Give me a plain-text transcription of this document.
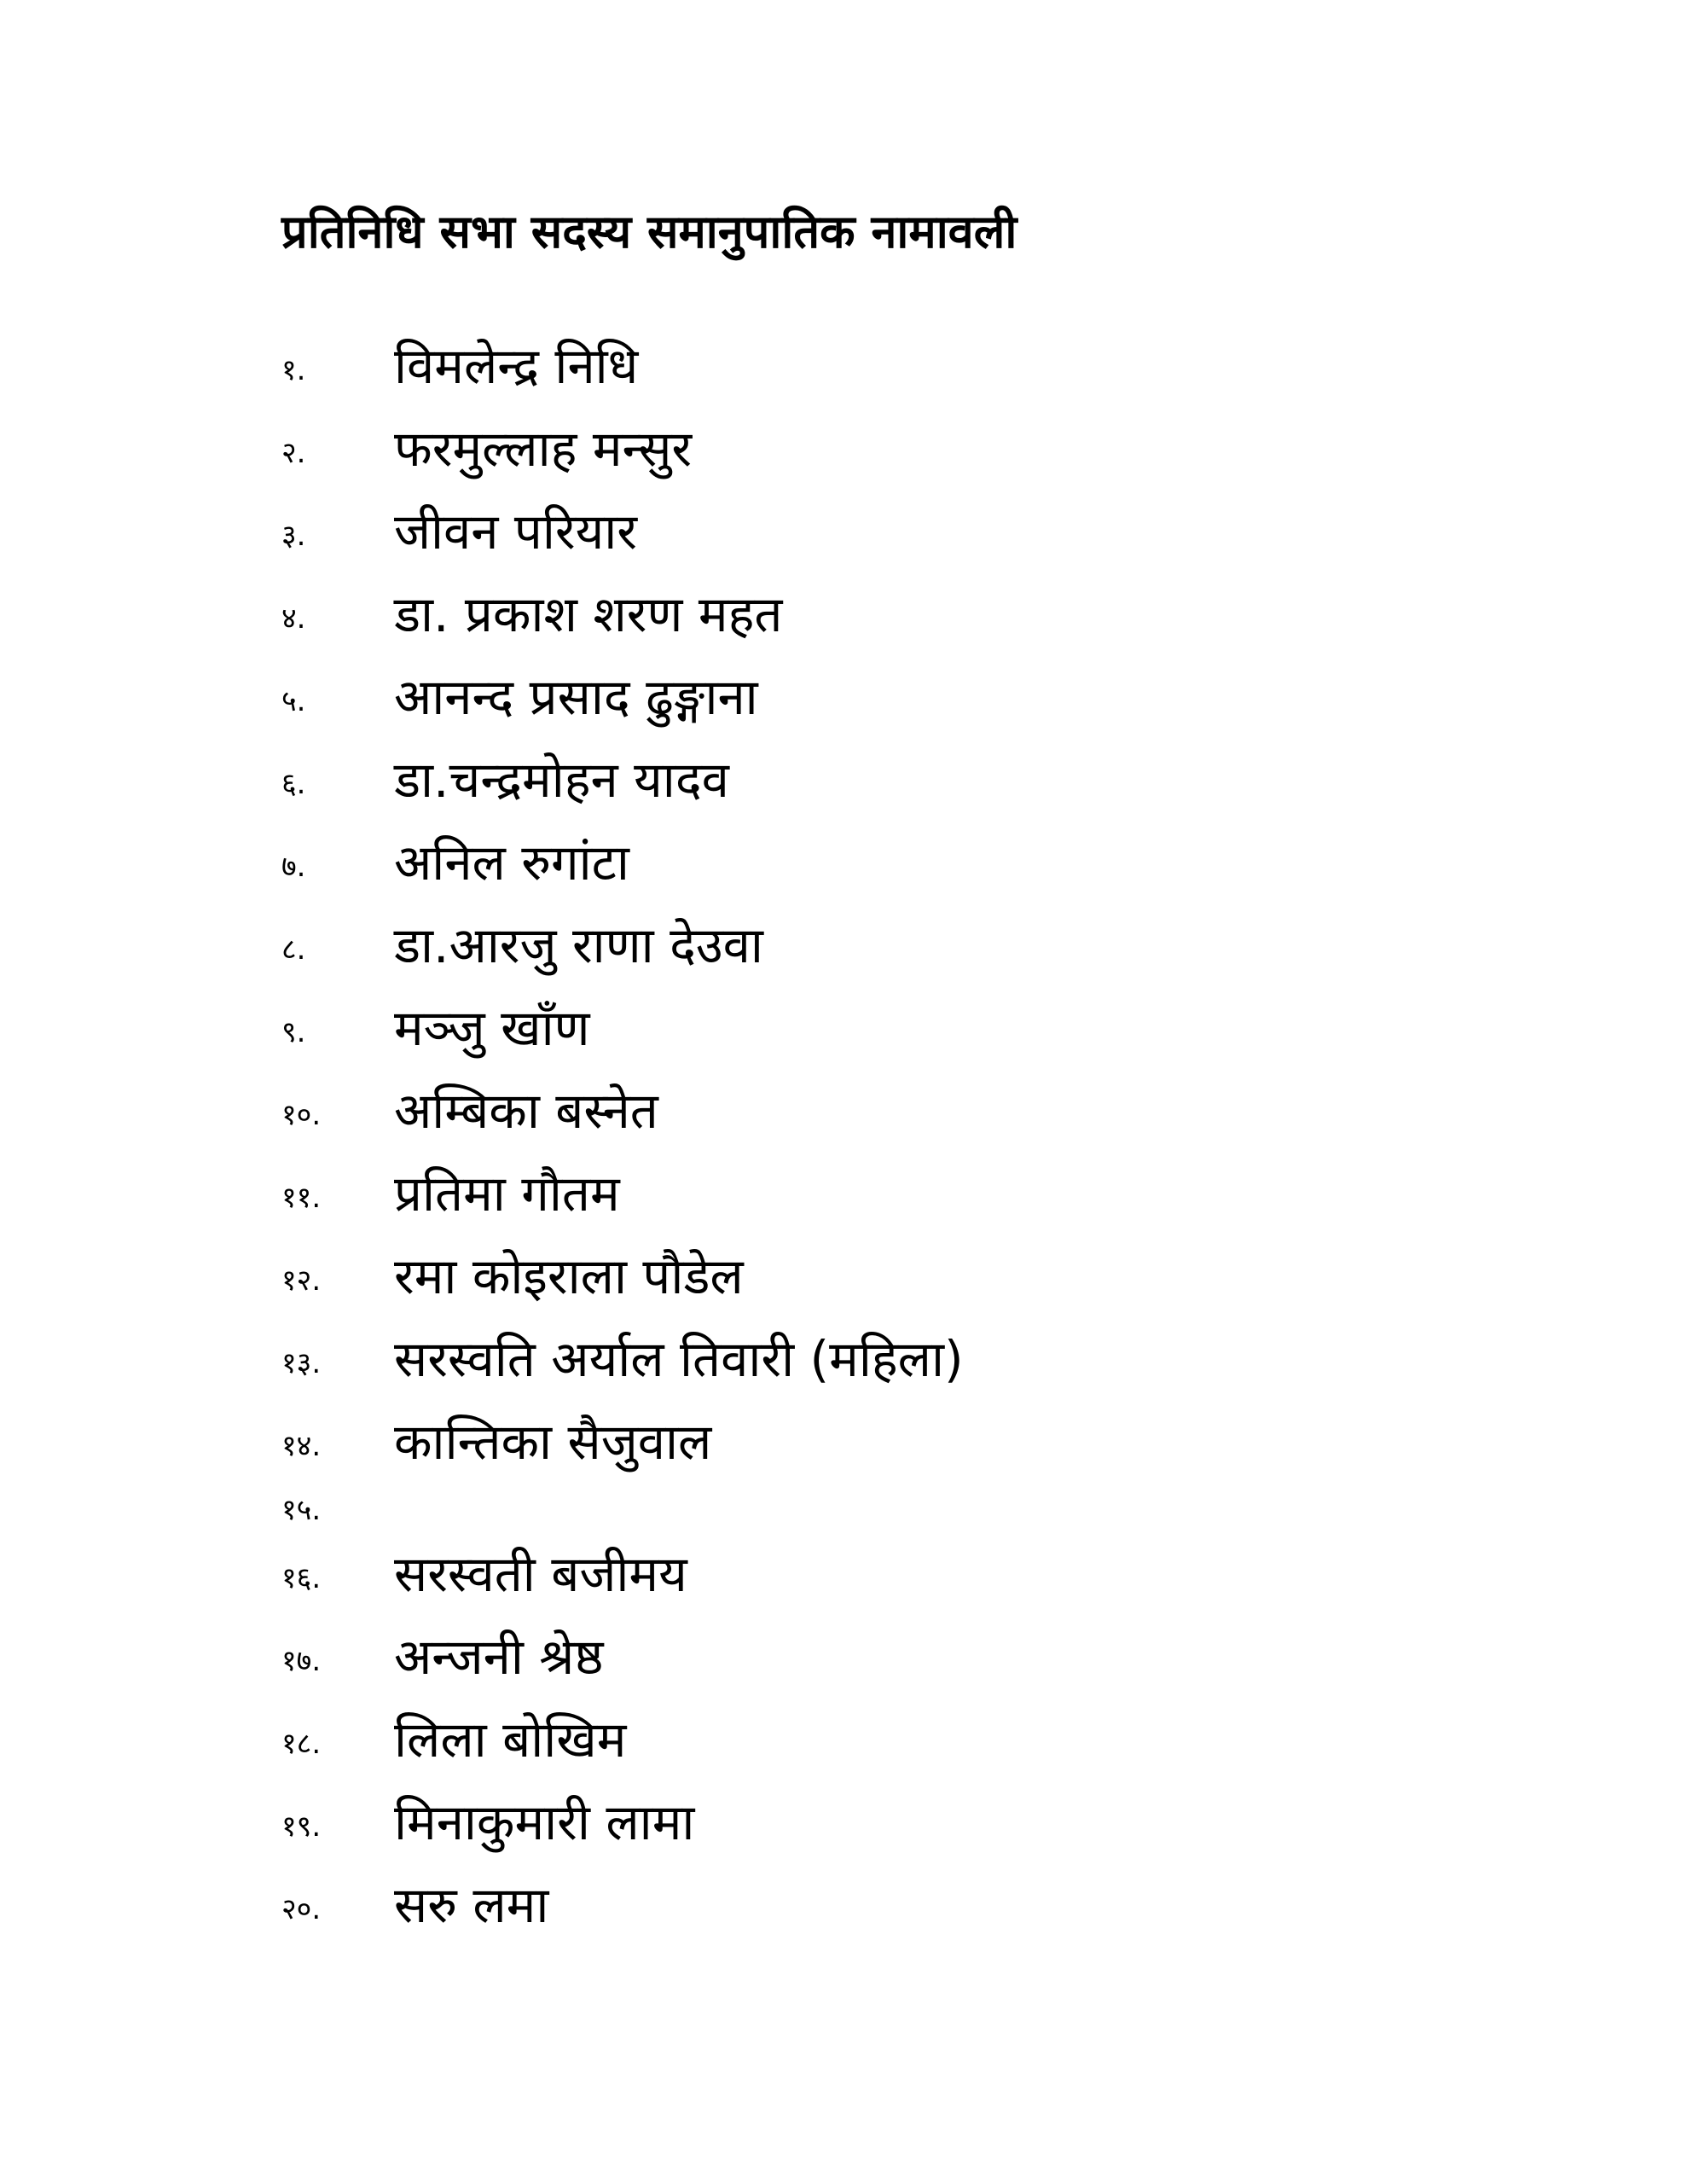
प्रतिनिधि सभा सदस्य समानुपातिक नामावली
१. विमलेन्द्र निधि
२. फरमुल्लाह मन्सुर
३. जीवन परियार
४. डा. प्रकाश शरण महत
५. आनन्द प्रसाद ढुङ्गाना
६. डा.चन्द्रमोहन यादव
७. अनिल रुगांटा
८. डा.आरजु राणा देउवा
९. मञ्जु खाँण
१०. अम्बिका बस्नेत
११. प्रतिमा गौतम
१२. रमा कोइराला पौडेल
१३. सरस्वति अर्याल तिवारी (महिला)
१४. कान्तिका सैजुवाल
१५.
१६. सरस्वती बजीमय
१७. अन्जनी श्रेष्ठ
१८. लिला बोखिम
१९. मिनाकुमारी लामा
२०. सरु लमा
